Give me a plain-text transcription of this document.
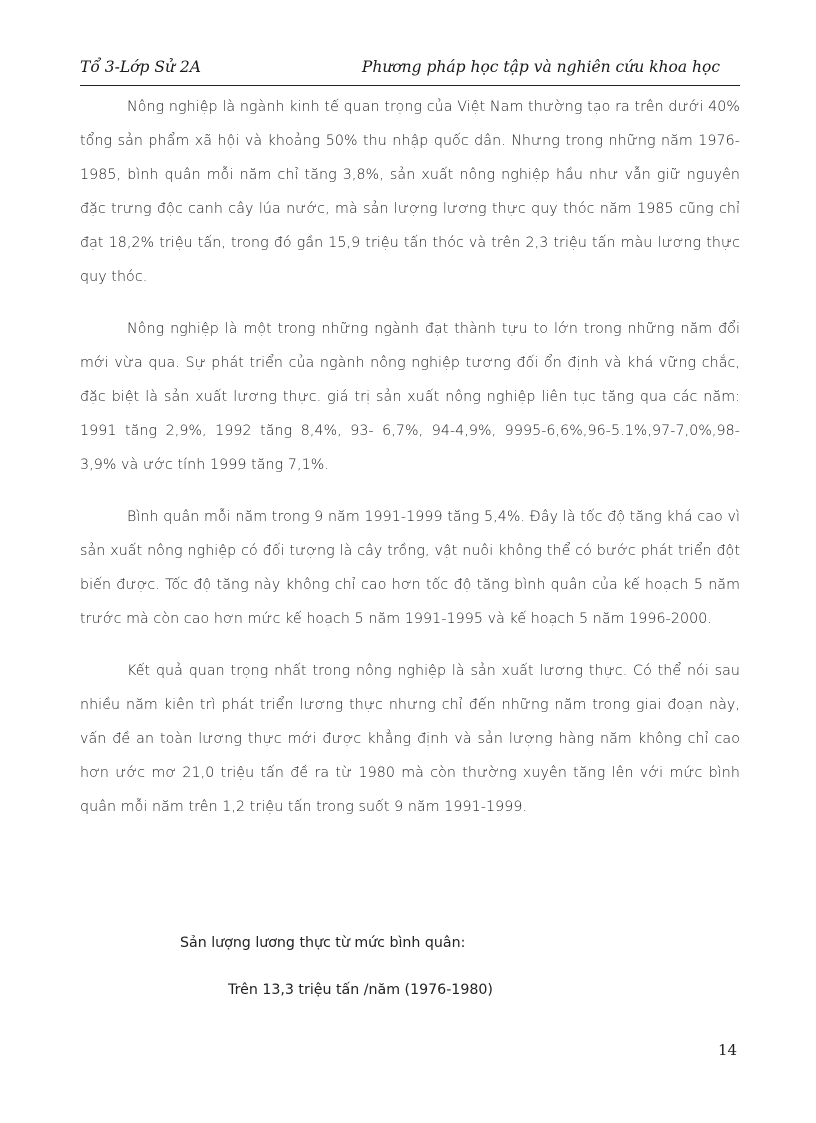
Tổ 3-Lớp Sử 2A	Phương pháp học tập và nghiên cứu khoa học

Nông nghiệp là ngành kinh tế quan trọng của Việt Nam thường tạo ra trên dưới 40% tổng sản phẩm xã hội và khoảng 50% thu nhập quốc dân. Nhưng trong những năm 1976-1985, bình quân mỗi năm chỉ tăng 3,8%, sản xuất nông nghiệp hầu như vẫn giữ nguyên đặc trưng độc canh cây lúa nước, mà sản lượng lương thực quy thóc năm 1985 cũng chỉ đạt 18,2% triệu tấn, trong đó gần 15,9 triệu tấn thóc và trên 2,3 triệu tấn màu lương thực quy thóc.

Nông nghiệp là một trong những ngành đạt thành tựu to lớn trong những năm đổi mới vừa qua. Sự phát triển của ngành nông nghiệp tương đối ổn định và khá vững chắc, đặc biệt là sản xuất lương thực. giá trị sản xuất nông nghiệp liên tục tăng qua các năm: 1991 tăng 2,9%, 1992 tăng 8,4%, 93- 6,7%, 94-4,9%, 9995-6,6%,96-5.1%,97-7,0%,98-3,9% và ước tính 1999 tăng 7,1%.

Bình quân mỗi năm trong 9 năm 1991-1999 tăng 5,4%. Đây là tốc độ tăng khá cao vì sản xuất nông nghiệp có đối tượng là cây trồng, vật nuôi không thể có bước phát triển đột biến được. Tốc độ tăng này không chỉ cao hơn tốc độ tăng bình quân của kế hoạch 5 năm trước mà còn cao hơn mức kế hoạch 5 năm 1991-1995 và kế hoạch 5 năm 1996-2000.

Kết quả quan trọng nhất trong nông nghiệp là sản xuất lương thực. Có thể nói sau nhiều năm kiên trì phát triển lương thực nhưng chỉ đến những năm trong giai đoạn này, vấn đề an toàn lương thực mới được khẳng định và sản lượng hàng năm không chỉ cao hơn ước mơ 21,0 triệu tấn đề ra từ 1980 mà còn thường xuyên tăng lên với mức bình quân mỗi năm trên 1,2 triệu tấn trong suốt 9 năm 1991-1999.

Sản lượng lương thực từ mức bình quân:
Trên 13,3 triệu tấn /năm (1976-1980)
14
